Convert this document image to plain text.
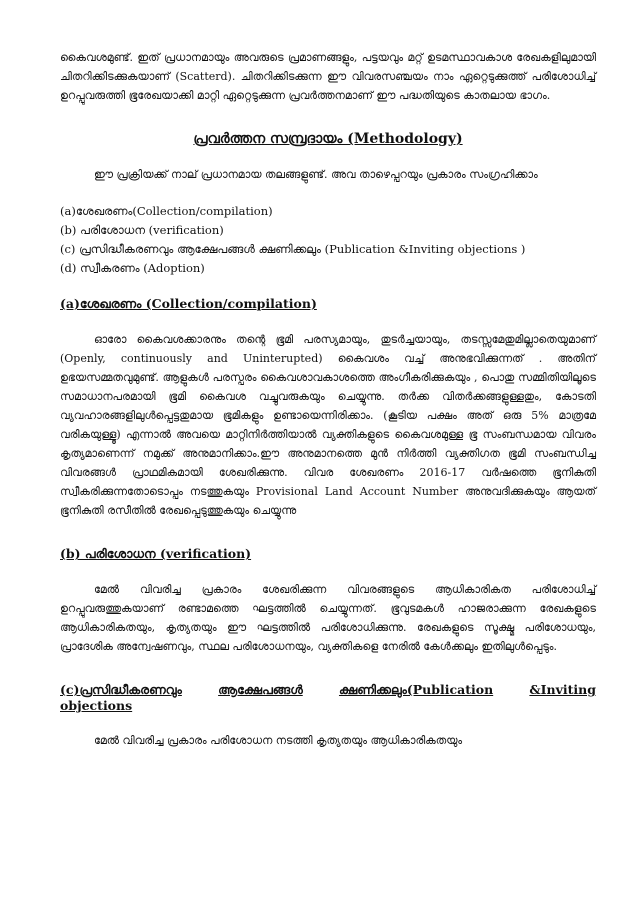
കൈവശമുണ്ട്. ഇത് പ്രധാനമായും അവരുടെ പ്രമാണങ്ങളും, പട്ടയവും മറ്റ് ഉടമസ്ഥാവകാശ രേഖകളിലുമായി ചിതറിക്കിടക്കുകയാണ് (Scatterd). ചിതറിക്കിടക്കുന്ന ഈ വിവരസഞ്ചയം നാം ഏറ്റെടുക്കുത്ത് പരിശോധിച്ച് ഉറപ്പുവരുത്തി ഭൂരേഖയാക്കി മാറ്റി ഏറ്റെടുക്കുന്ന പ്രവർത്തനമാണ് ഈ പദ്ധതിയുടെ കാതലായ ഭാഗം.

പ്രവർത്തന സമ്പ്രദായം (Methodology)

ഈ പ്രക്രിയക്ക് നാല് പ്രധാനമായ തലങ്ങളുണ്ട്. അവ താഴെപ്പറയും പ്രകാരം സംഗ്രഹിക്കാം

(a)ശേഖരണം(Collection/compilation)
(b) പരിശോധന (verification)
(c) പ്രസിദ്ധീകരണവും ആക്ഷേപങ്ങൾ ക്ഷണിക്കലും (Publication &Inviting objections )
(d) സ്വീകരണം (Adoption)
(a)ശേഖരണം (Collection/compilation)

ഓരോ കൈവശക്കാരനും തന്റെ ഭൂമി പരസ്യമായും, തുടർച്ചയായും, തടസ്സമേതുമില്ലാതെയുമാണ് (Openly, continuously and Uninterupted) കൈവശം വച്ച് അനുഭവിക്കുന്നത് . അതിന് ഉഭയസമ്മതവുമുണ്ട്. ആളുകൾ പരസ്പരം കൈവശാവകാശത്തെ അംഗീകരിക്കുകയും , പൊതു സമ്മിതിയിലൂടെ സമാധാനപരമായി ഭൂമി കൈവശ വച്ചുവരുകയും ചെയ്യുന്നു. തർക്ക വിതർക്കങ്ങളുള്ളതും, കോടതി വ്യവഹാരങ്ങളിലുൾപ്പെട്ടതുമായ ഭൂമികളും ഉണ്ടായെന്നിരിക്കാം. (കൂടിയ പക്ഷം അത് ഒരു 5% മാത്രമേ വരികയുള്ളൂ) എന്നാൽ അവയെ മാറ്റിനിർത്തിയാൽ വ്യക്തികളുടെ കൈവശമുള്ള ഭൂ സംബന്ധമായ വിവരം കൃത്യമാണെന്ന് നമുക്ക് അനുമാനിക്കാം.ഈ അനുമാനത്തെ മുൻ നിർത്തി വ്യക്തിഗത ഭൂമി സംബന്ധിച്ച വിവരങ്ങൾ പ്രാഥമികമായി ശേഖരിക്കുന്നു. വിവര ശേഖരണം 2016-17 വർഷത്തെ ഭൂനികുതി സ്വീകരിക്കുന്നതോടൊപ്പം നടത്തുകയും Provisional Land Account Number അനുവദിക്കുകയും ആയത് ഭൂനികുതി രസീതിൽ രേഖപ്പെടുത്തുകയും ചെയ്യുന്നു

(b) പരിശോധന (verification)

മേൽ വിവരിച്ച പ്രകാരം ശേഖരിക്കുന്ന വിവരങ്ങളുടെ ആധികാരികത പരിശോധിച്ച് ഉറപ്പുവരുത്തുകയാണ് രണ്ടാമത്തെ ഘട്ടത്തിൽ ചെയ്യുന്നത്. ഭൂവുടമകൾ ഹാജരാക്കുന്ന രേഖകളുടെ ആധികാരികതയും, കൃത്യതയും ഈ ഘട്ടത്തിൽ പരിശോധിക്കുന്നു. രേഖകളുടെ സൂക്ഷ്മ പരിശോധയും, പ്രാദേശിക അന്വേഷണവും, സ്ഥല പരിശോധനയും, വ്യക്തികളെ നേരിൽ കേൾക്കലും ഇതിലുൾപ്പെടും.

(c)പ്രസിദ്ധീകരണവും	ആക്ഷേപങ്ങൾ	ക്ഷണിക്കലും(Publication	&Inviting
objections

മേൽ വിവരിച്ച പ്രകാരം പരിശോധന നടത്തി കൃത്യതയും ആധികാരികതയും
